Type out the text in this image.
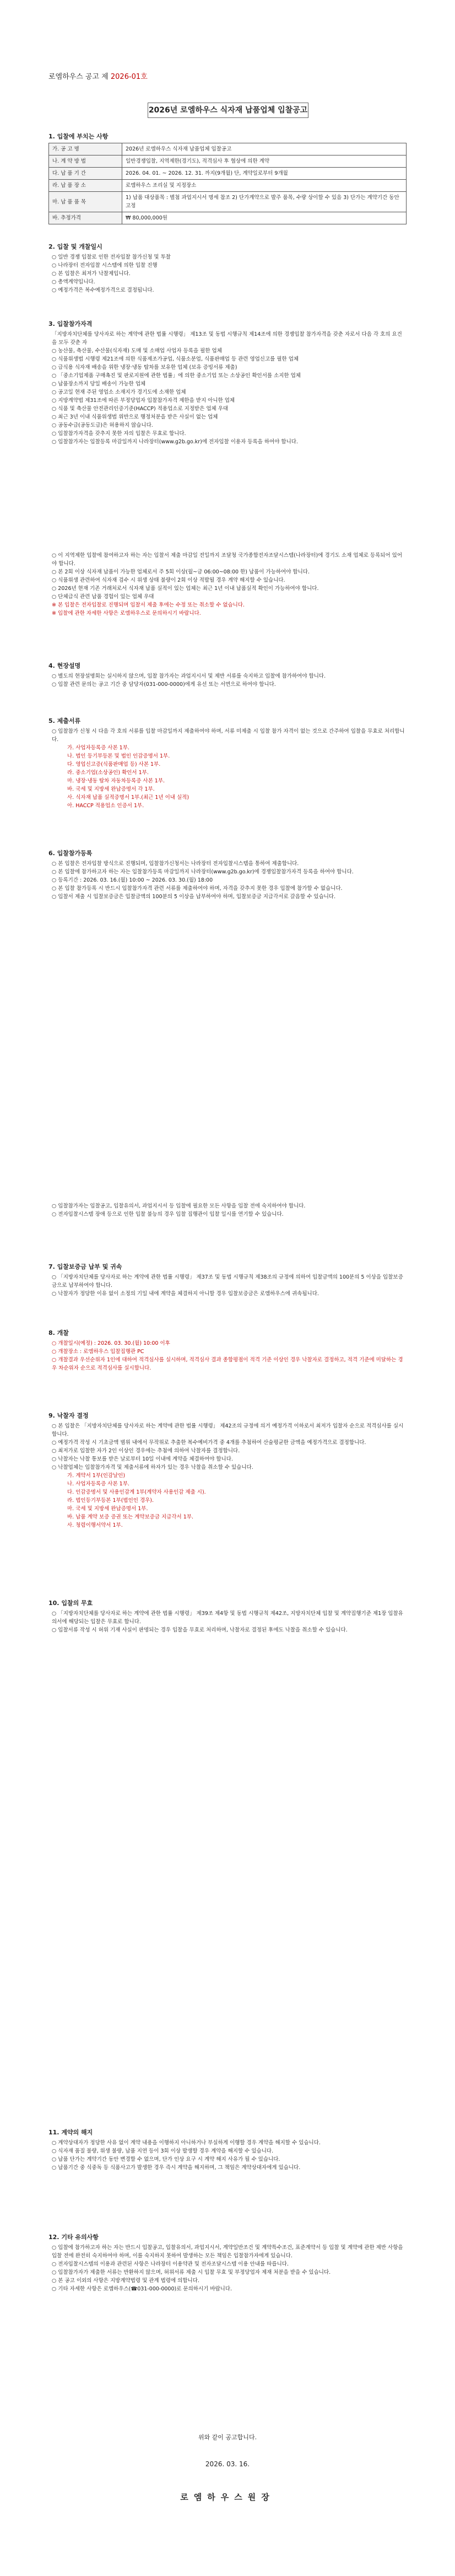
로엠하우스 공고 제 2026-01호
2026년 로엠하우스 식자재 납품업체 입찰공고
1. 입찰에 부치는 사항
가. 공 고 명	2026년 로엠하우스 식자재 납품업체 입찰공고
나. 계 약 방 법	일반경쟁입찰, 지역제한(경기도), 적격심사 후 협상에 의한 계약
다. 납 품 기 간	2026. 04. 01. ~ 2026. 12. 31. 까지(9개월) 단, 계약일로부터 9개월
라. 납 품 장 소	로엠하우스 조리실 및 지정장소
마. 납 품 품 목	1) 납품 대상품목 : 별첨 과업지시서 명세 참조 2) 단가계약으로 발주 품목, 수량 상이할 수 있음 3) 단가는 계약기간 동안 고정
바. 추정가격	₩ 80,000,000원
2. 입찰 및 개찰일시
○ 일반 경쟁 입찰로 인한 전자입찰 참가신청 및 투찰
○ 나라장터 전자입찰 시스템에 의한 입찰 진행
○ 본 입찰은 최저가 낙찰제입니다.
○ 총액계약입니다.
○ 예정가격은 복수예정가격으로 결정됩니다.
3. 입찰참가자격
「지방자치단체를 당사자로 하는 계약에 관한 법률 시행령」 제13조 및 동법 시행규칙 제14조에 의한 경쟁입찰 참가자격을 갖춘 자로서 다음 각 호의 요건을 모두 갖춘 자
○ 농산물, 축산물, 수산물(식자재) 도매 및 소매업 사업자 등록을 필한 업체
○ 식품위생법 시행령 제21조에 의한 식품제조가공업, 식품소분업, 식품판매업 등 관련 영업신고를 필한 업체
○ 급식용 식자재 배송을 위한 냉장·냉동 탑차를 보유한 업체 (보유 증빙서류 제출)
○ 「중소기업제품 구매촉진 및 판로지원에 관한 법률」에 의한 중소기업 또는 소상공인 확인서를 소지한 업체
○ 납품장소까지 당일 배송이 가능한 업체
○ 공고일 현재 주된 영업소 소재지가 경기도에 소재한 업체
○ 지방계약법 제31조에 따른 부정당업자 입찰참가자격 제한을 받지 아니한 업체
○ 식품 및 축산물 안전관리인증기준(HACCP) 적용업소로 지정받은 업체 우대
○ 최근 3년 이내 식품위생법 위반으로 행정처분을 받은 사실이 없는 업체
○ 공동수급(공동도급)은 허용하지 않습니다.
○ 입찰참가자격을 갖추지 못한 자의 입찰은 무효로 합니다.
○ 입찰참가자는 입찰등록 마감일까지 나라장터(www.g2b.go.kr)에 전자입찰 이용자 등록을 하여야 합니다.
○ 이 지역제한 입찰에 참여하고자 하는 자는 입찰서 제출 마감일 전일까지 조달청 국가종합전자조달시스템(나라장터)에 경기도 소재 업체로 등록되어 있어야 합니다.
○ 본 2회 이상 식자재 납품이 가능한 업체로서 주 5회 이상(월~금 06:00~08:00 한) 납품이 가능하여야 합니다.
○ 식품위생 관련하여 식자재 검수 시 위생 상태 불량이 2회 이상 적발될 경우 계약 해지할 수 있습니다.
○ 2026년 현재 기존 거래처로서 식자재 납품 실적이 있는 업체는 최근 1년 이내 납품실적 확인이 가능하여야 합니다.
○ 단체급식 관련 납품 경험이 있는 업체 우대
※ 본 입찰은 전자입찰로 진행되며 입찰서 제출 후에는 수정 또는 취소할 수 없습니다.
※ 입찰에 관한 자세한 사항은 로엠하우스로 문의하시기 바랍니다.
4. 현장설명
○ 별도의 현장설명회는 실시하지 않으며, 입찰 참가자는 과업지시서 및 제반 서류를 숙지하고 입찰에 참가하여야 합니다.
○ 입찰 관련 문의는 공고 기간 중 담당자(031-000-0000)에게 유선 또는 서면으로 하여야 합니다.
5. 제출서류
○ 입찰참가 신청 시 다음 각 호의 서류를 입찰 마감일까지 제출하여야 하며, 서류 미제출 시 입찰 참가 자격이 없는 것으로 간주하여 입찰을 무효로 처리합니다.
가. 사업자등록증 사본 1부.
나. 법인 등기부등본 및 법인 인감증명서 1부.
다. 영업신고증(식품판매업 등) 사본 1부.
라. 중소기업(소상공인) 확인서 1부.
마. 냉장·냉동 탑차 자동차등록증 사본 1부.
바. 국세 및 지방세 완납증명서 각 1부.
사. 식자재 납품 실적증명서 1부.(최근 1년 이내 실적)
아. HACCP 적용업소 인증서 1부.
6. 입찰참가등록
○ 본 입찰은 전자입찰 방식으로 진행되며, 입찰참가신청서는 나라장터 전자입찰시스템을 통하여 제출합니다.
○ 본 입찰에 참가하고자 하는 자는 입찰참가등록 마감일까지 나라장터(www.g2b.go.kr)에 경쟁입찰참가자격 등록을 하여야 합니다.
○ 등록기간 : 2026. 03. 16.(월) 10:00 ~ 2026. 03. 30.(월) 18:00
○ 본 입찰 참가등록 시 반드시 입찰참가자격 관련 서류를 제출하여야 하며, 자격을 갖추지 못한 경우 입찰에 참가할 수 없습니다.
○ 입찰서 제출 시 입찰보증금은 입찰금액의 100분의 5 이상을 납부하여야 하며, 입찰보증금 지급각서로 갈음할 수 있습니다.
○ 입찰참가자는 입찰공고, 입찰유의서, 과업지시서 등 입찰에 필요한 모든 사항을 입찰 전에 숙지하여야 합니다.
○ 전자입찰시스템 장애 등으로 인한 입찰 불능의 경우 입찰 집행관이 입찰 일시를 연기할 수 있습니다.
7. 입찰보증금 납부 및 귀속
○ 「지방자치단체를 당사자로 하는 계약에 관한 법률 시행령」 제37조 및 동법 시행규칙 제38조의 규정에 의하여 입찰금액의 100분의 5 이상을 입찰보증금으로 납부하여야 합니다.
○ 낙찰자가 정당한 이유 없이 소정의 기일 내에 계약을 체결하지 아니할 경우 입찰보증금은 로엠하우스에 귀속됩니다.
8. 개찰
○ 개찰일시(예정) : 2026. 03. 30.(월) 10:00 이후
○ 개찰장소 : 로엠하우스 입찰집행관 PC
○ 개찰결과 우선순위자 1인에 대하여 적격심사를 실시하며, 적격심사 결과 종합평점이 적격 기준 이상인 경우 낙찰자로 결정하고, 적격 기준에 미달하는 경우 차순위자 순으로 적격심사를 실시합니다.
9. 낙찰자 결정
○ 본 입찰은 「지방자치단체를 당사자로 하는 계약에 관한 법률 시행령」 제42조의 규정에 의거 예정가격 이하로서 최저가 입찰자 순으로 적격심사를 실시합니다.
○ 예정가격 작성 시 기초금액 범위 내에서 무작위로 추출한 복수예비가격 중 4개를 추첨하여 산술평균한 금액을 예정가격으로 결정합니다.
○ 최저가로 입찰한 자가 2인 이상인 경우에는 추첨에 의하여 낙찰자를 결정합니다.
○ 낙찰자는 낙찰 통보를 받은 날로부터 10일 이내에 계약을 체결하여야 합니다.
○ 낙찰업체는 입찰참가자격 및 제출서류에 하자가 있는 경우 낙찰을 취소할 수 있습니다.
가. 계약서 1부(인감날인)
나. 사업자등록증 사본 1부.
다. 인감증명서 및 사용인감계 1부(계약자 사용인감 제출 시).
라. 법인등기부등본 1부(법인인 경우).
마. 국세 및 지방세 완납증명서 1부.
바. 납품 계약 보증 증권 또는 계약보증금 지급각서 1부.
사. 청렴이행서약서 1부.
10. 입찰의 무효
○ 「지방자치단체를 당사자로 하는 계약에 관한 법률 시행령」 제39조 제4항 및 동법 시행규칙 제42조, 지방자치단체 입찰 및 계약집행기준 제1장 입찰유의서에 해당되는 입찰은 무효로 합니다.
○ 입찰서류 작성 시 허위 기재 사실이 판명되는 경우 입찰을 무효로 처리하며, 낙찰자로 결정된 후에도 낙찰을 취소할 수 있습니다.
11. 계약의 해지
○ 계약상대자가 정당한 사유 없이 계약 내용을 이행하지 아니하거나 부실하게 이행할 경우 계약을 해지할 수 있습니다.
○ 식자재 품질 불량, 위생 불량, 납품 지연 등이 3회 이상 발생할 경우 계약을 해지할 수 있습니다.
○ 납품 단가는 계약기간 동안 변경할 수 없으며, 단가 인상 요구 시 계약 해지 사유가 될 수 있습니다.
○ 납품기간 중 식중독 등 식품사고가 발생한 경우 즉시 계약을 해지하며, 그 책임은 계약상대자에게 있습니다.
12. 기타 유의사항
○ 입찰에 참가하고자 하는 자는 반드시 입찰공고, 입찰유의서, 과업지시서, 계약일반조건 및 계약특수조건, 표준계약서 등 입찰 및 계약에 관한 제반 사항을 입찰 전에 완전히 숙지하여야 하며, 이를 숙지하지 못하여 발생하는 모든 책임은 입찰참가자에게 있습니다.
○ 전자입찰시스템의 이용과 관련된 사항은 나라장터 이용약관 및 전자조달시스템 이용 안내를 따릅니다.
○ 입찰참가자가 제출한 서류는 반환하지 않으며, 허위서류 제출 시 입찰 무효 및 부정당업자 제재 처분을 받을 수 있습니다.
○ 본 공고 이외의 사항은 지방계약법령 및 관계 법령에 의합니다.
○ 기타 자세한 사항은 로엠하우스(☎031-000-0000)로 문의하시기 바랍니다.
위와 같이 공고합니다.
2026. 03. 16.
로엠하우스원장
